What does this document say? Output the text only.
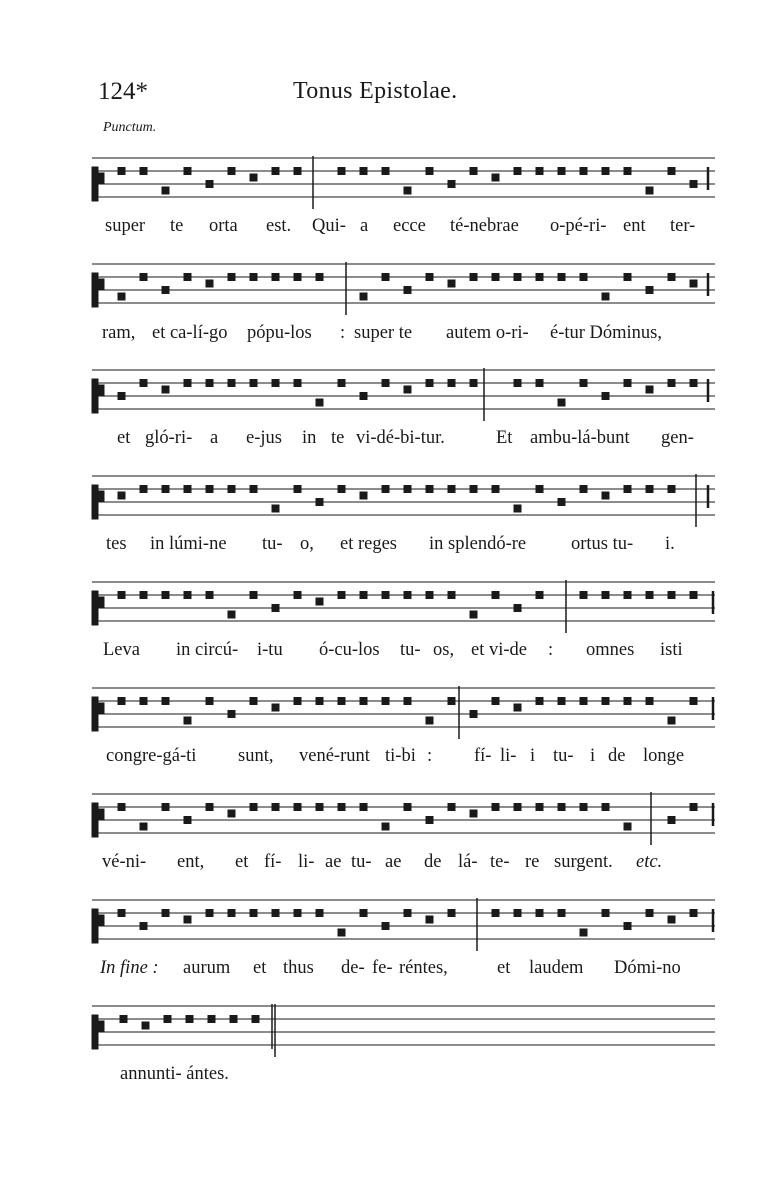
124*	Tonus Epistolae.
Punctum.
super te orta est. Qui- a ecce té-nebrae o-pé-ri- ent ter-
ram, et ca-lí-go pópu-los : super te autem o-ri- é-tur Dóminus,
et gló-ri- a e-jus in te vi-dé-bi-tur.	Et ambu-lá-bunt gen-
tes in lúmi-ne tu- o, et reges in splendó-re ortus tu- i.
Leva in circú- i-tu ó-cu-los tu- os, et vi-de : omnes isti
congre-gá-ti sunt, vené-runt ti-bi : fí- li- i tu- i de longe
vé-ni- ent, et fí- li- ae tu- ae de lá- te- re surgent. etc.
In fine : aurum et thus de- fe- réntes,	et laudem Dómi-no
annunti- ántes.
